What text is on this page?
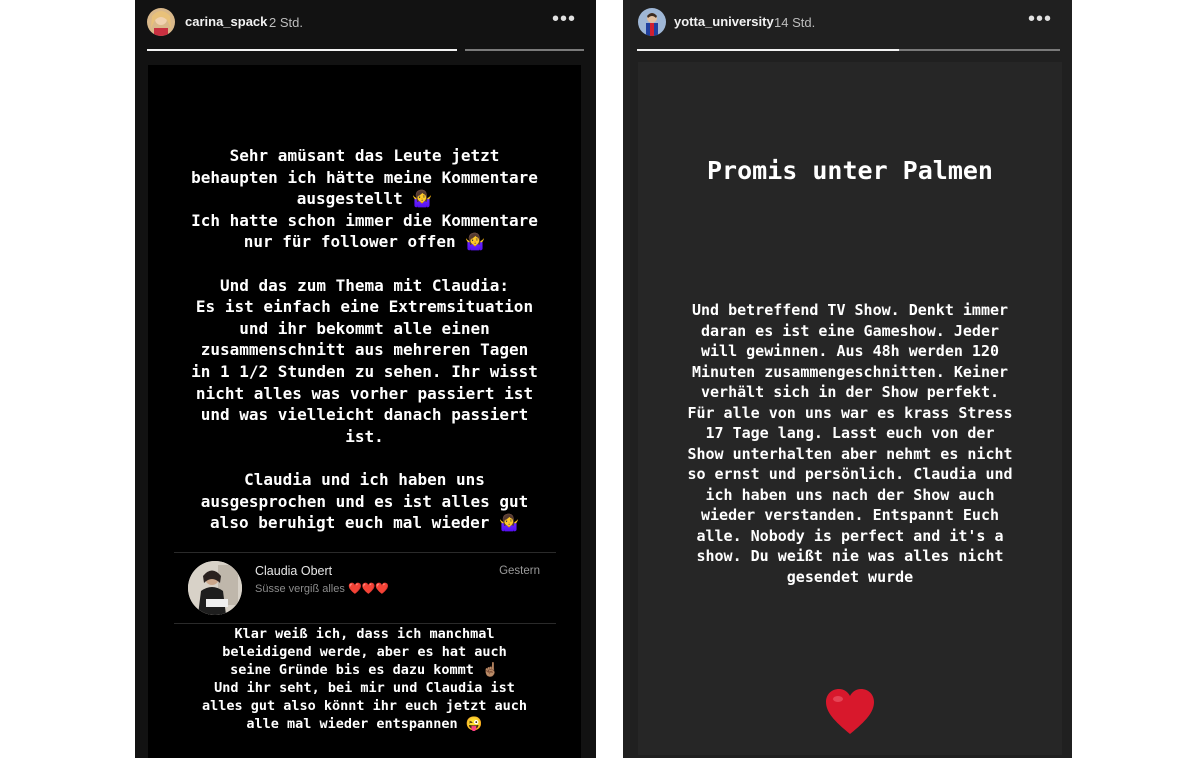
carina_spack 2 Std.	•••
Sehr amüsant das Leute jetzt
behaupten ich hätte meine Kommentare
ausgestellt 🤷‍♀️
Ich hatte schon immer die Kommentare
nur für follower offen 🤷‍♀️

Und das zum Thema mit Claudia:
Es ist einfach eine Extremsituation
und ihr bekommt alle einen
zusammenschnitt aus mehreren Tagen
in 1 1/2 Stunden zu sehen. Ihr wisst
nicht alles was vorher passiert ist
und was vielleicht danach passiert
ist.

Claudia und ich haben uns
ausgesprochen und es ist alles gut
also beruhigt euch mal wieder 🤷‍♀️
Claudia Obert	Gestern
Süsse vergiß alles ❤️❤️❤️
Klar weiß ich, dass ich manchmal
beleidigend werde, aber es hat auch
seine Gründe bis es dazu kommt ☝🏽
Und ihr seht, bei mir und Claudia ist
alles gut also könnt ihr euch jetzt auch
alle mal wieder entspannen 😜
yotta_university 14 Std.	•••
Promis unter Palmen
Und betreffend TV Show. Denkt immer
daran es ist eine Gameshow. Jeder
will gewinnen. Aus 48h werden 120
Minuten zusammengeschnitten. Keiner
verhält sich in der Show perfekt.
Für alle von uns war es krass Stress
17 Tage lang. Lasst euch von der
Show unterhalten aber nehmt es nicht
so ernst und persönlich. Claudia und
ich haben uns nach der Show auch
wieder verstanden. Entspannt Euch
alle. Nobody is perfect and it's a
show. Du weißt nie was alles nicht
gesendet wurde
